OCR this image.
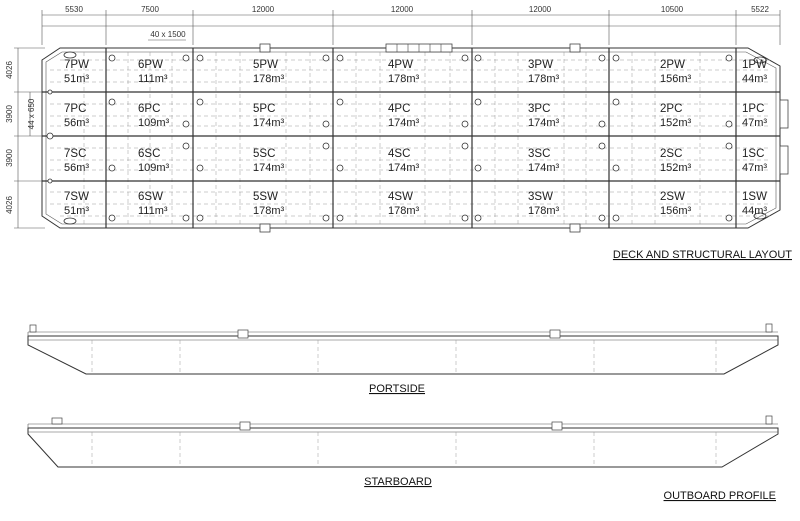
5530	7500	12000	12000	12000	10500	5522
40 x 1500
4026
3900
3900
4026
44 x 650
7PW
51m³
6PW
111m³
5PW
178m³
4PW
178m³
3PW
178m³
2PW
156m³
1PW
44m³
7PC
56m³
6PC
109m³
5PC
174m³
4PC
174m³
3PC
174m³
2PC
152m³
1PC
47m³
7SC
56m³
6SC
109m³
5SC
174m³
4SC
174m³
3SC
174m³
2SC
152m³
1SC
47m³
7SW
51m³
6SW
111m³
5SW
178m³
4SW
178m³
3SW
178m³
2SW
156m³
1SW
44m³
DECK AND STRUCTURAL LAYOUT
PORTSIDE
STARBOARD
OUTBOARD PROFILE
